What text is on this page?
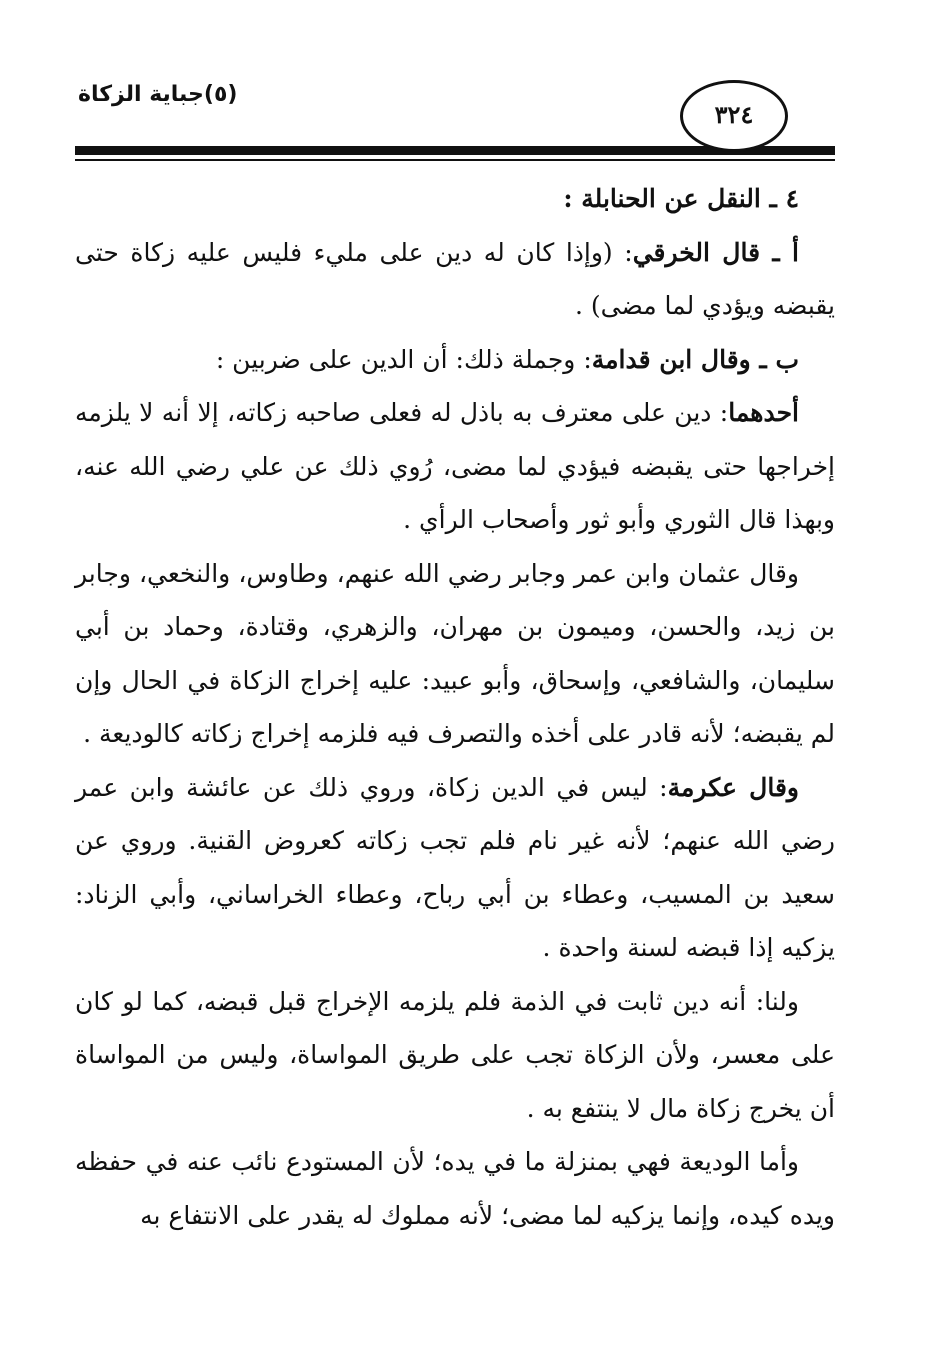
(٥)جباية الزكاة
٣٢٤

٤ ـ النقل عن الحنابلة :

أ ـ قال الخرقي: (وإذا كان له دين على مليء فليس عليه زكاة حتى يقبضه ويؤدي لما مضى) .

ب ـ وقال ابن قدامة: وجملة ذلك: أن الدين على ضربين :

أحدهما: دين على معترف به باذل له فعلى صاحبه زكاته، إلا أنه لا يلزمه إخراجها حتى يقبضه فيؤدي لما مضى، رُوي ذلك عن علي رضي الله عنه، وبهذا قال الثوري وأبو ثور وأصحاب الرأي .

وقال عثمان وابن عمر وجابر رضي الله عنهم، وطاوس، والنخعي، وجابر بن زيد، والحسن، وميمون بن مهران، والزهري، وقتادة، وحماد بن أبي سليمان، والشافعي، وإسحاق، وأبو عبيد: عليه إخراج الزكاة في الحال وإن لم يقبضه؛ لأنه قادر على أخذه والتصرف فيه فلزمه إخراج زكاته كالوديعة .

وقال عكرمة: ليس في الدين زكاة، وروي ذلك عن عائشة وابن عمر رضي الله عنهم؛ لأنه غير نام فلم تجب زكاته كعروض القنية. وروي عن سعيد بن المسيب، وعطاء بن أبي رباح، وعطاء الخراساني، وأبي الزناد: يزكيه إذا قبضه لسنة واحدة .

ولنا: أنه دين ثابت في الذمة فلم يلزمه الإخراج قبل قبضه، كما لو كان على معسر، ولأن الزكاة تجب على طريق المواساة، وليس من المواساة أن يخرج زكاة مال لا ينتفع به .

وأما الوديعة فهي بمنزلة ما في يده؛ لأن المستودع نائب عنه في حفظه ويده كيده، وإنما يزكيه لما مضى؛ لأنه مملوك له يقدر على الانتفاع به
